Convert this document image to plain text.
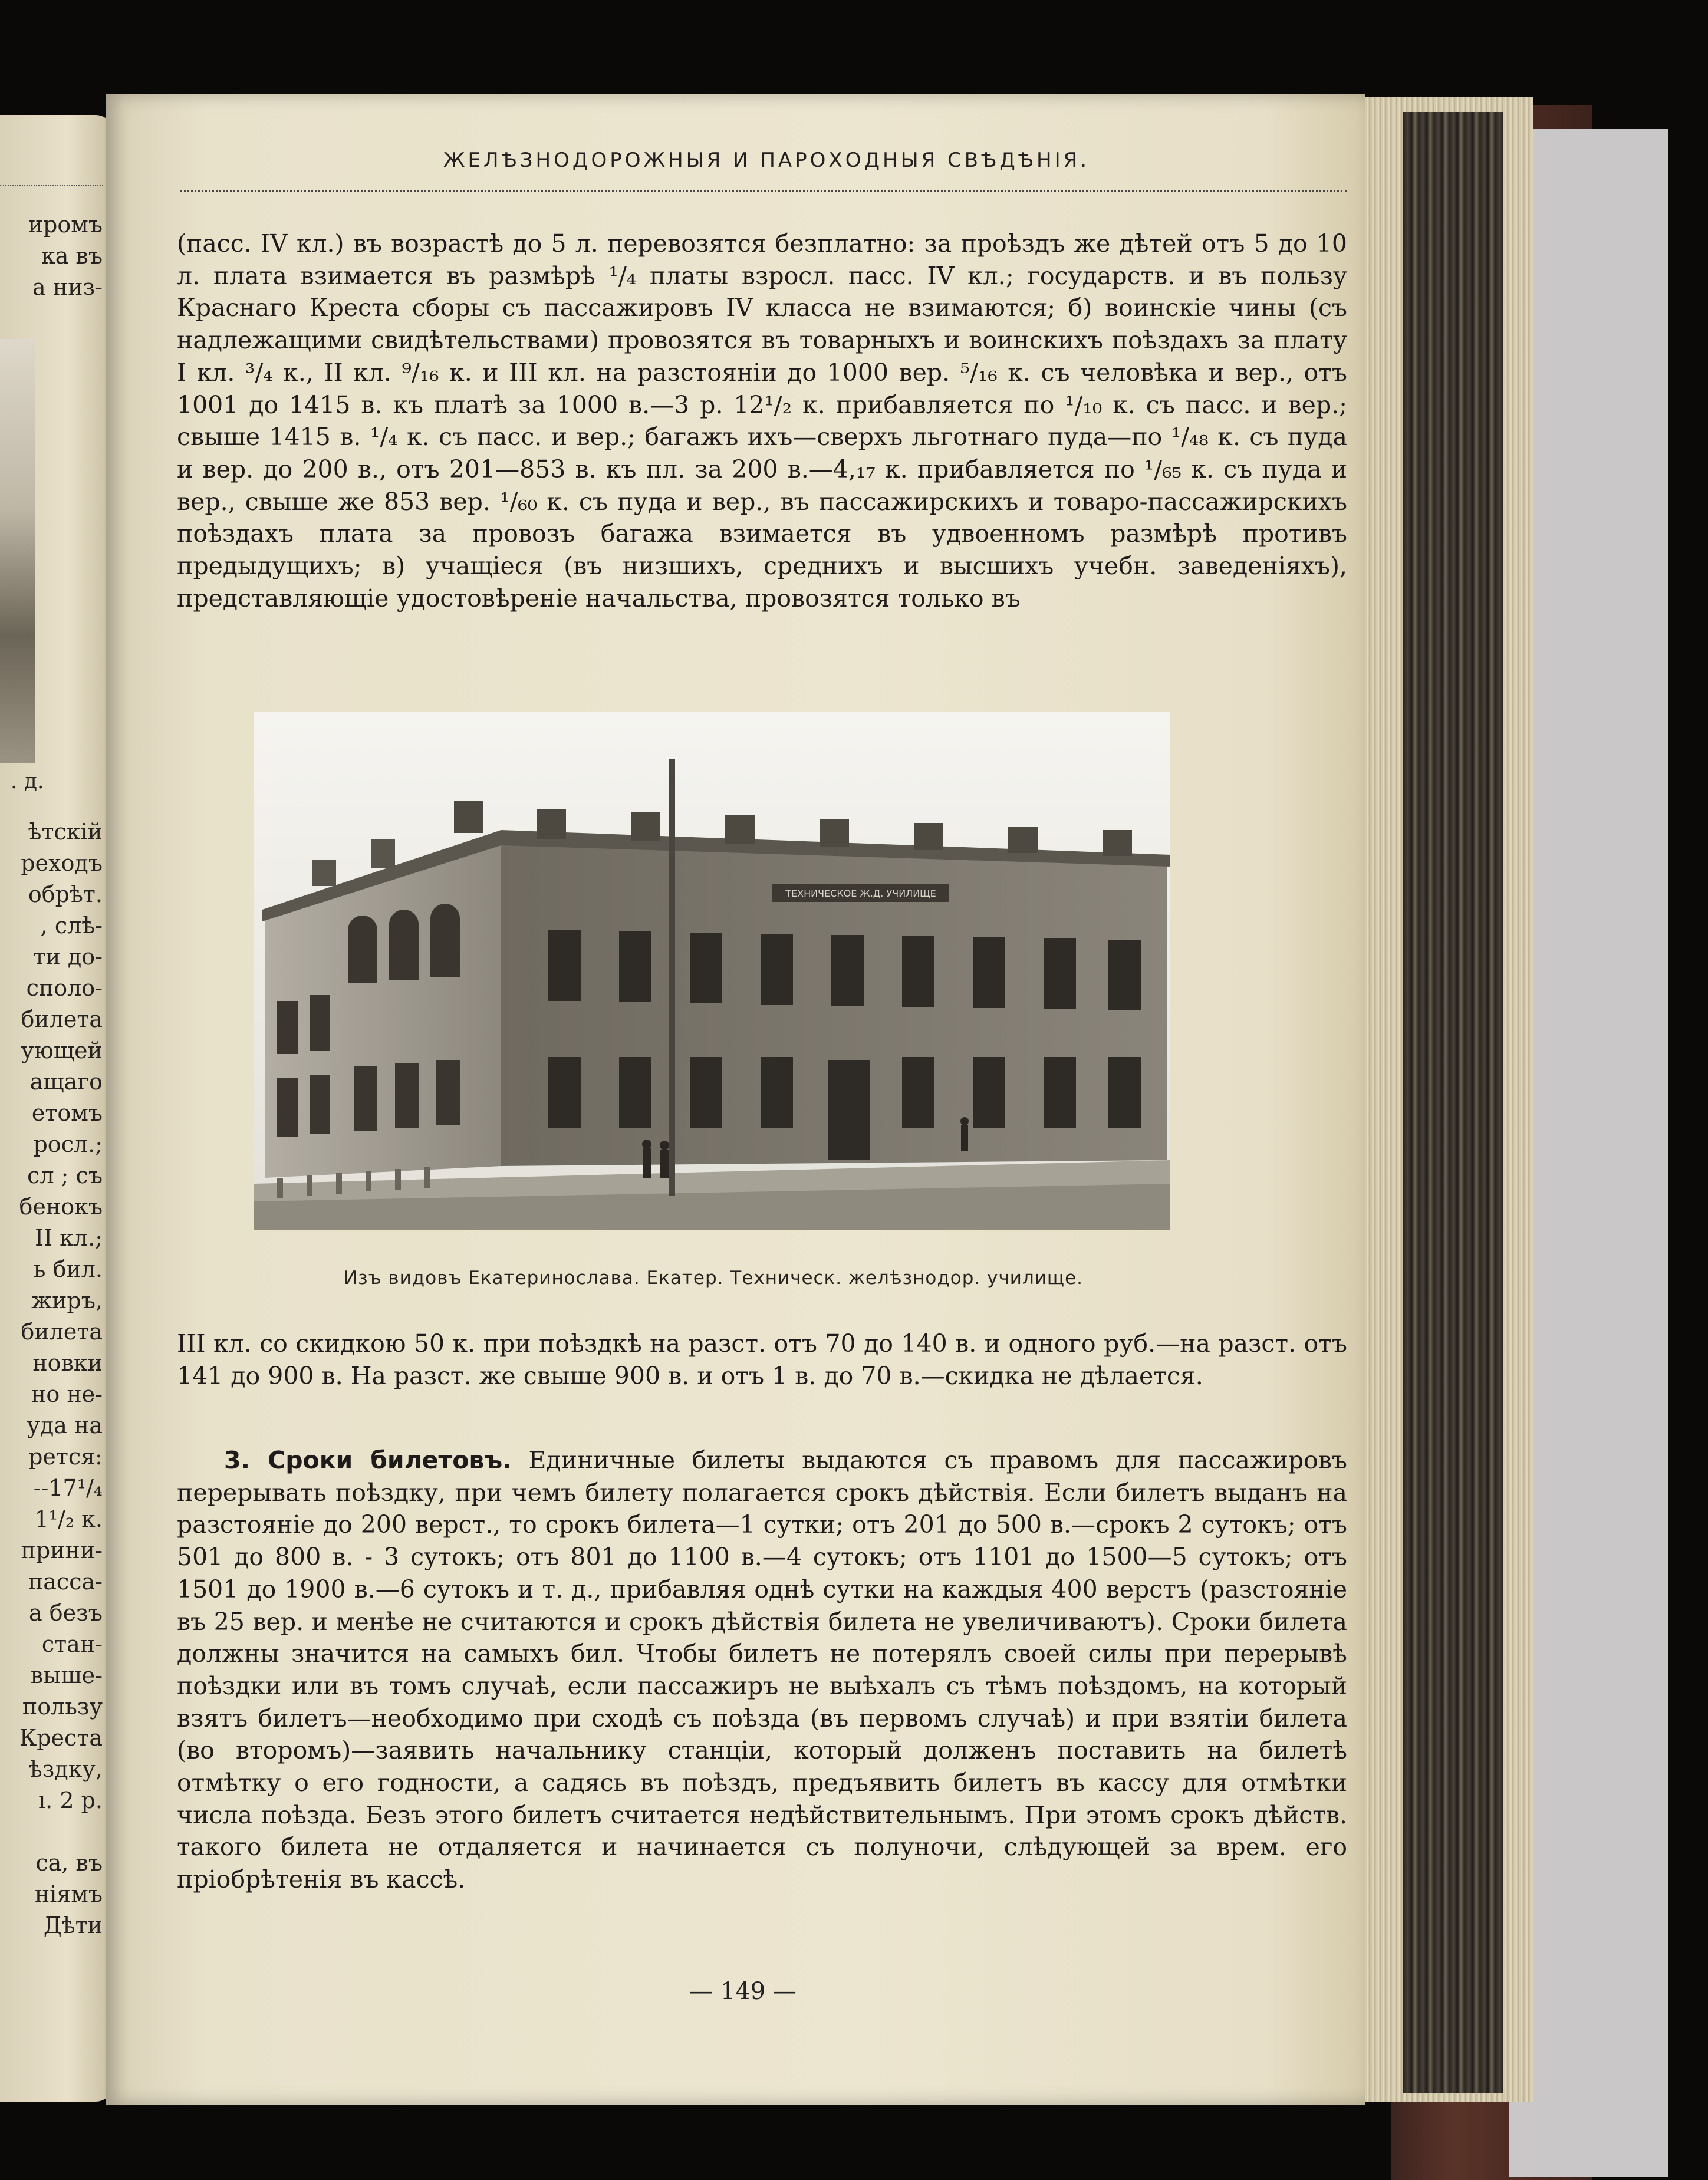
иромъ
ка въ
а низ-
. д.
ѣтскій
реходъ
обрѣт.
, слѣ-
ти до-
споло-
билета
ующей
ащаго
етомъ
росл.;
сл ; съ
бенокъ
II кл.;
ь бил.
жиръ,
билета
новки
но не-
уда на
рется:
--17¹/₄
1¹/₂ к.
прини-
пасса-
а безъ
стан-
выше-
пользу
Креста
ѣздку,
ı. 2 р.

са, въ
ніямъ
Дѣти
ЖЕЛѢЗНОДОРОЖНЫЯ И ПАРОХОДНЫЯ СВѢДѢНІЯ.

(пасс. IV кл.) въ возрастѣ до 5 л. перевозятся безплатно: за проѣздъ же дѣтей отъ 5 до 10 л. плата взимается въ размѣрѣ ¹/₄ платы взросл. пасс. IV кл.; государств. и въ пользу Краснаго Креста сборы съ пассажировъ IV класса не взимаются; б) воинскіе чины (съ надлежащими свидѣтельствами) провозятся въ товарныхъ и воинскихъ поѣздахъ за плату I кл. ³/₄ к., II кл. ⁹/₁₆ к. и III кл. на разстояніи до 1000 вер. ⁵/₁₆ к. съ человѣка и вер., отъ 1001 до 1415 в. къ платѣ за 1000 в.—3 р. 12¹/₂ к. прибавляется по ¹/₁₀ к. съ пасс. и вер.; свыше 1415 в. ¹/₄ к. съ пасс. и вер.; багажъ ихъ—сверхъ льготнаго пуда—по ¹/₄₈ к. съ пуда и вер. до 200 в., отъ 201—853 в. къ пл. за 200 в.—4,₁₇ к. прибавляется по ¹/₆₅ к. съ пуда и вер., свыше же 853 вер. ¹/₆₀ к. съ пуда и вер., въ пассажирскихъ и товаро-пассажирскихъ поѣздахъ плата за провозъ багажа взимается въ удвоенномъ размѣрѣ противъ предыдущихъ; в) учащіеся (въ низшихъ, среднихъ и высшихъ учебн. заведеніяхъ), представляющіе удостовѣреніе начальства, провозятся только въ

ТЕХНИЧЕСКОЕ Ж.Д. УЧИЛИЩЕ
Изъ видовъ Екатеринослава. Екатер. Техническ. желѣзнодор. училище.

III кл. со скидкою 50 к. при поѣздкѣ на разст. отъ 70 до 140 в. и одного руб.—на разст. отъ 141 до 900 в. На разст. же свыше 900 в. и отъ 1 в. до 70 в.—скидка не дѣлается.

3. Сроки билетовъ. Единичные билеты выдаются съ правомъ для пассажировъ перерывать поѣздку, при чемъ билету полагается срокъ дѣйствія. Если билетъ выданъ на разстояніе до 200 верст., то срокъ билета—1 сутки; отъ 201 до 500 в.—срокъ 2 сутокъ; отъ 501 до 800 в. - 3 сутокъ; отъ 801 до 1100 в.—4 сутокъ; отъ 1101 до 1500—5 сутокъ; отъ 1501 до 1900 в.—6 сутокъ и т. д., прибавляя однѣ сутки на каждыя 400 верстъ (разстояніе въ 25 вер. и менѣе не считаются и срокъ дѣйствія билета не увеличиваютъ). Сроки билета должны значится на самыхъ бил. Чтобы билетъ не потерялъ своей силы при перерывѣ поѣздки или въ томъ случаѣ, если пассажиръ не выѣхалъ съ тѣмъ поѣздомъ, на который взятъ билетъ—необходимо при сходѣ съ поѣзда (въ первомъ случаѣ) и при взятіи билета (во второмъ)—заявить начальнику станціи, который долженъ поставить на билетѣ отмѣтку о его годности, а садясь въ поѣздъ, предъявить билетъ въ кассу для отмѣтки числа поѣзда. Безъ этого билетъ считается недѣйствительнымъ. При этомъ срокъ дѣйств. такого билета не отдаляется и начинается съ полуночи, слѣдующей за врем. его пріобрѣтенія въ кассѣ.

— 149 —
